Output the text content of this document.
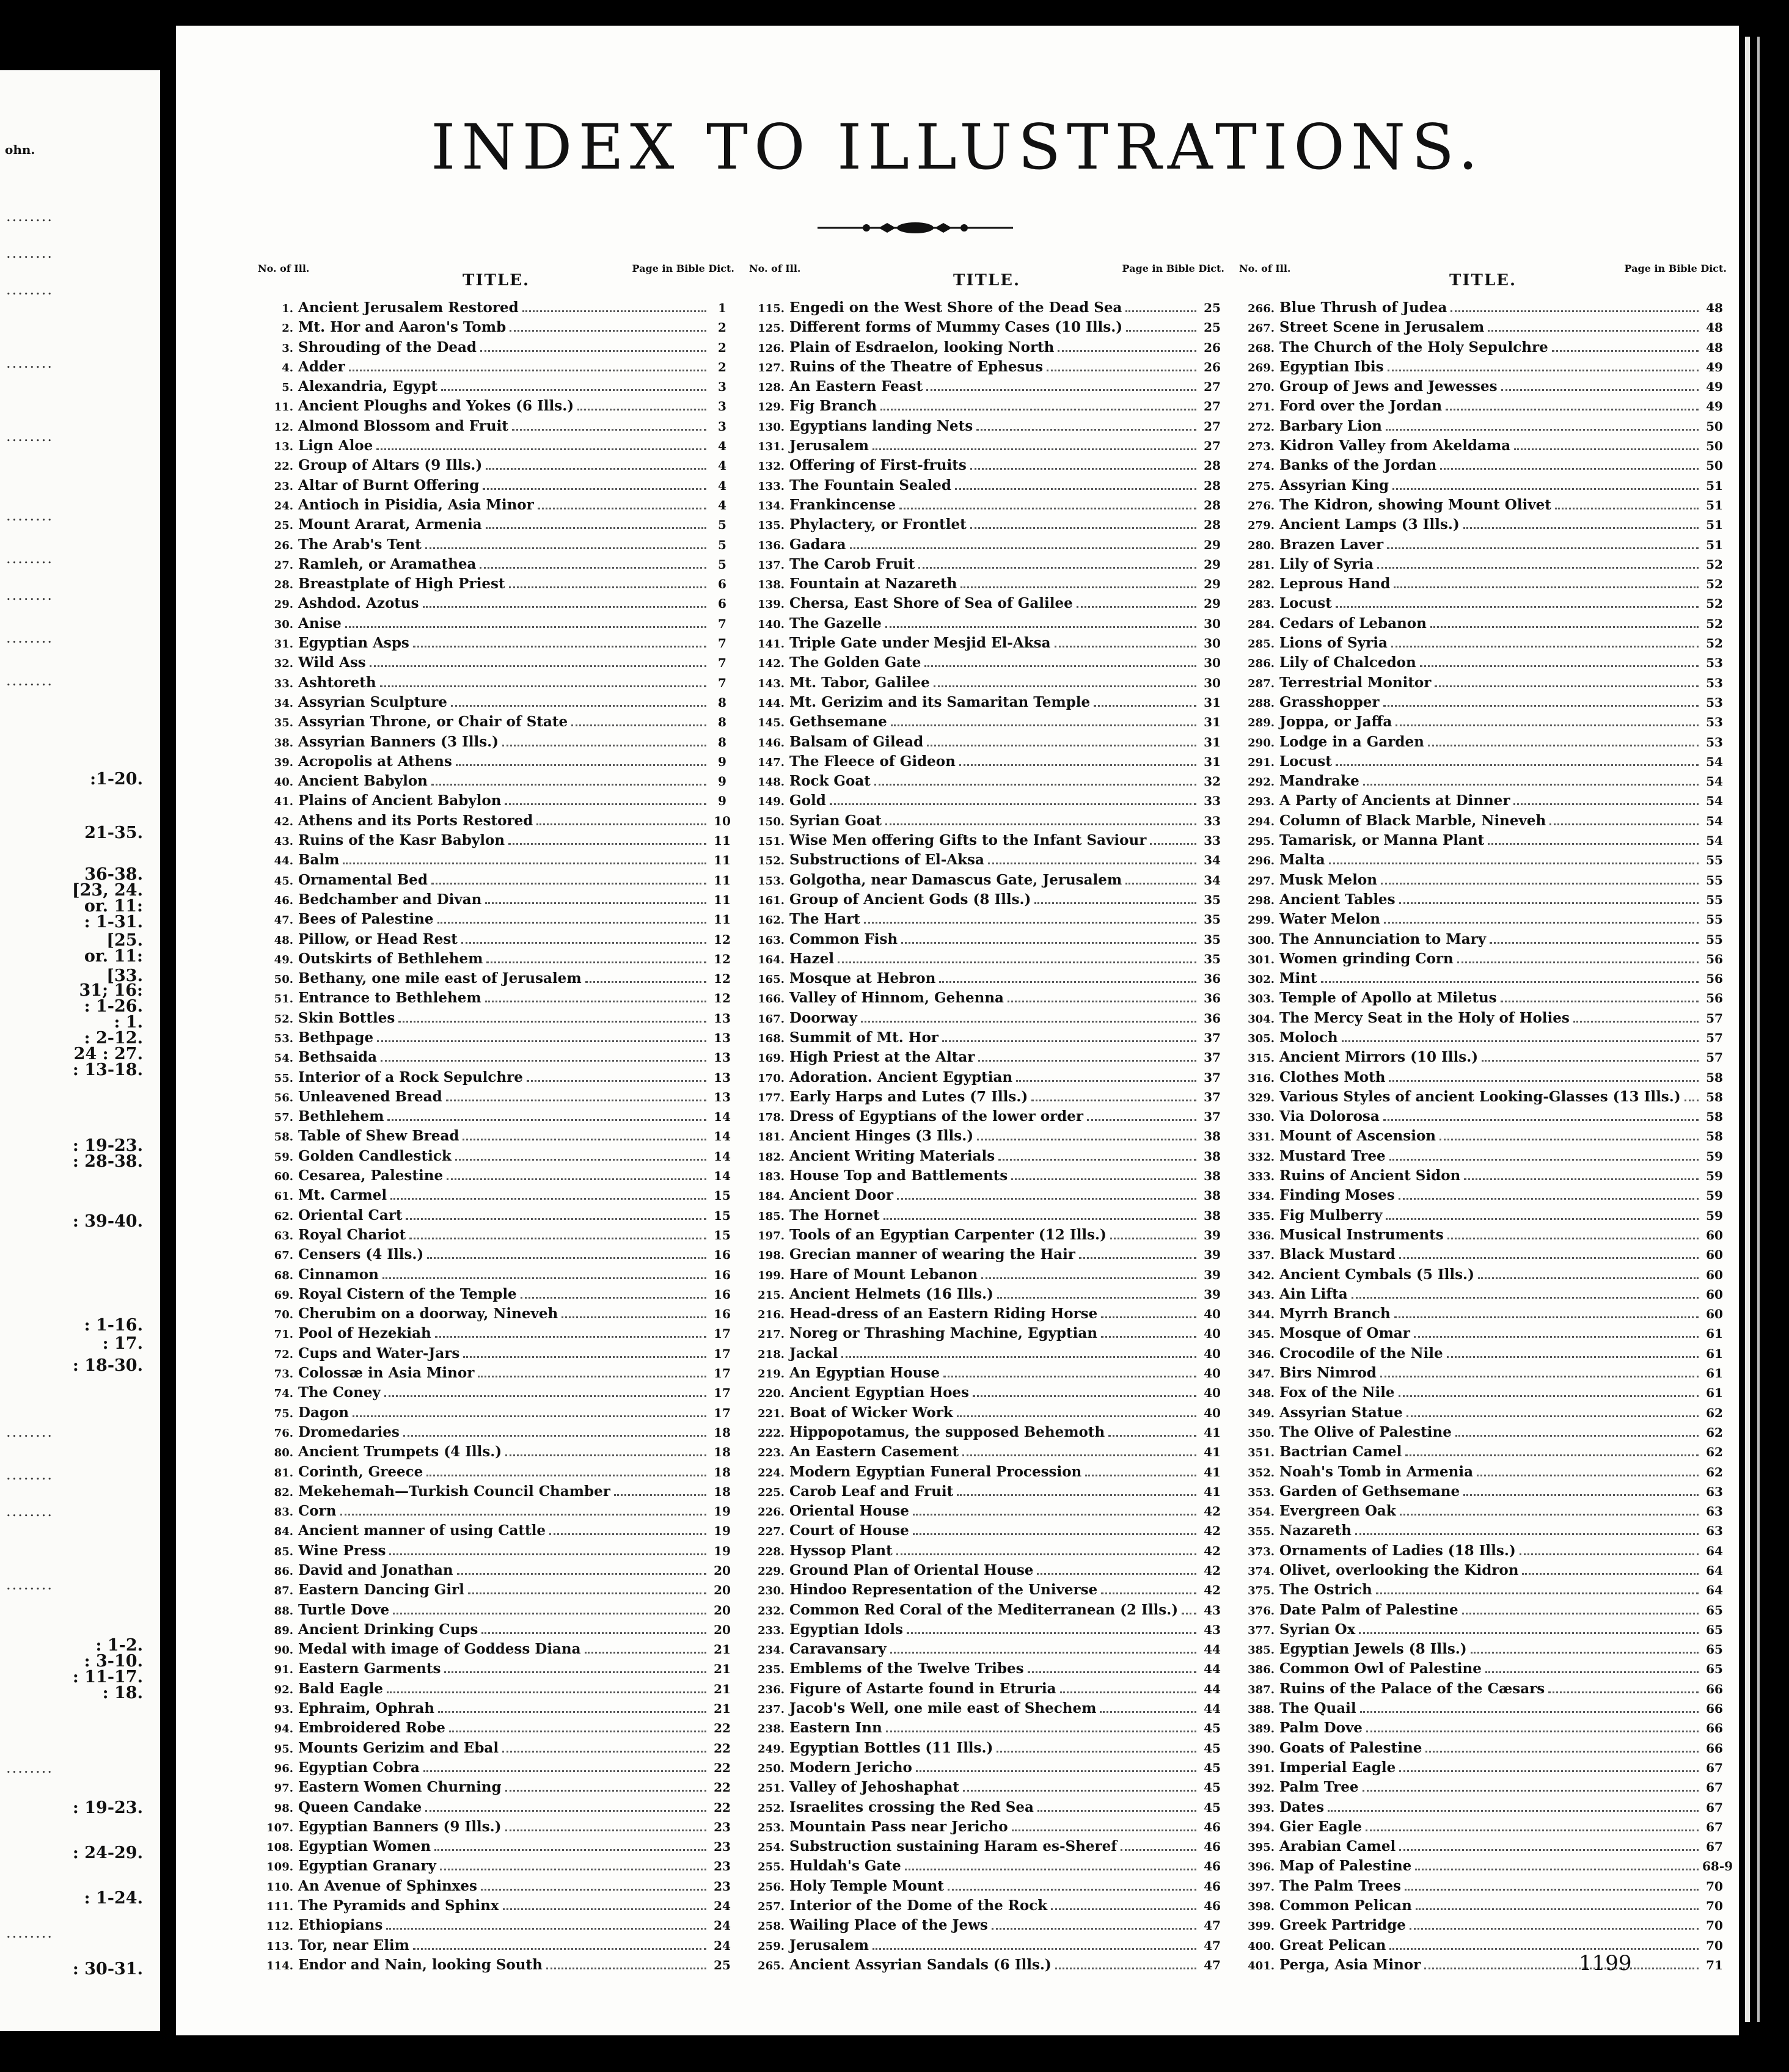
ohn.
:1-20.
21-35.
36-38.
[23, 24.
or. 11:
: 1-31.
[25.
or. 11:
[33.
31; 16:
: 1-26.
: 1.
: 2-12.
24 : 27.
: 13-18.
: 19-23.
: 28-38.
: 39-40.
: 1-16.
: 17.
: 18-30.
: 1-2.
: 3-10.
: 11-17.
: 18.
: 19-23.
: 24-29.
: 1-24.
: 30-31.
........
........
........
........
........
........
........
........
........
........
........
........
........
........
........
........
INDEX TO ILLUSTRATIONS.
No. of Ill.
TITLE.
Page in Bible Dict.
1. Ancient Jerusalem Restored	1
2. Mt. Hor and Aaron's Tomb	2
3. Shrouding of the Dead	2
4. Adder	2
5. Alexandria, Egypt	3
11. Ancient Ploughs and Yokes (6 Ills.)	3
12. Almond Blossom and Fruit	3
13. Lign Aloe	4
22. Group of Altars (9 Ills.)	4
23. Altar of Burnt Offering	4
24. Antioch in Pisidia, Asia Minor	4
25. Mount Ararat, Armenia	5
26. The Arab's Tent	5
27. Ramleh, or Aramathea	5
28. Breastplate of High Priest	6
29. Ashdod. Azotus	6
30. Anise	7
31. Egyptian Asps	7
32. Wild Ass	7
33. Ashtoreth	7
34. Assyrian Sculpture	8
35. Assyrian Throne, or Chair of State	8
38. Assyrian Banners (3 Ills.)	8
39. Acropolis at Athens	9
40. Ancient Babylon	9
41. Plains of Ancient Babylon	9
42. Athens and its Ports Restored	10
43. Ruins of the Kasr Babylon	11
44. Balm	11
45. Ornamental Bed	11
46. Bedchamber and Divan	11
47. Bees of Palestine	11
48. Pillow, or Head Rest	12
49. Outskirts of Bethlehem	12
50. Bethany, one mile east of Jerusalem	12
51. Entrance to Bethlehem	12
52. Skin Bottles	13
53. Bethpage	13
54. Bethsaida	13
55. Interior of a Rock Sepulchre	13
56. Unleavened Bread	13
57. Bethlehem	14
58. Table of Shew Bread	14
59. Golden Candlestick	14
60. Cesarea, Palestine	14
61. Mt. Carmel	15
62. Oriental Cart	15
63. Royal Chariot	15
67. Censers (4 Ills.)	16
68. Cinnamon	16
69. Royal Cistern of the Temple	16
70. Cherubim on a doorway, Nineveh	16
71. Pool of Hezekiah	17
72. Cups and Water-Jars	17
73. Colossæ in Asia Minor	17
74. The Coney	17
75. Dagon	17
76. Dromedaries	18
80. Ancient Trumpets (4 Ills.)	18
81. Corinth, Greece	18
82. Mekehemah—Turkish Council Chamber	18
83. Corn	19
84. Ancient manner of using Cattle	19
85. Wine Press	19
86. David and Jonathan	20
87. Eastern Dancing Girl	20
88. Turtle Dove	20
89. Ancient Drinking Cups	20
90. Medal with image of Goddess Diana	21
91. Eastern Garments	21
92. Bald Eagle	21
93. Ephraim, Ophrah	21
94. Embroidered Robe	22
95. Mounts Gerizim and Ebal	22
96. Egyptian Cobra	22
97. Eastern Women Churning	22
98. Queen Candake	22
107. Egyptian Banners (9 Ills.)	23
108. Egyptian Women	23
109. Egyptian Granary	23
110. An Avenue of Sphinxes	23
111. The Pyramids and Sphinx	24
112. Ethiopians	24
113. Tor, near Elim	24
114. Endor and Nain, looking South	25
No. of Ill.
TITLE.
Page in Bible Dict.
115. Engedi on the West Shore of the Dead Sea	25
125. Different forms of Mummy Cases (10 Ills.)	25
126. Plain of Esdraelon, looking North	26
127. Ruins of the Theatre of Ephesus	26
128. An Eastern Feast	27
129. Fig Branch	27
130. Egyptians landing Nets	27
131. Jerusalem	27
132. Offering of First-fruits	28
133. The Fountain Sealed	28
134. Frankincense	28
135. Phylactery, or Frontlet	28
136. Gadara	29
137. The Carob Fruit	29
138. Fountain at Nazareth	29
139. Chersa, East Shore of Sea of Galilee	29
140. The Gazelle	30
141. Triple Gate under Mesjid El-Aksa	30
142. The Golden Gate	30
143. Mt. Tabor, Galilee	30
144. Mt. Gerizim and its Samaritan Temple	31
145. Gethsemane	31
146. Balsam of Gilead	31
147. The Fleece of Gideon	31
148. Rock Goat	32
149. Gold	33
150. Syrian Goat	33
151. Wise Men offering Gifts to the Infant Saviour	33
152. Substructions of El-Aksa	34
153. Golgotha, near Damascus Gate, Jerusalem	34
161. Group of Ancient Gods (8 Ills.)	35
162. The Hart	35
163. Common Fish	35
164. Hazel	35
165. Mosque at Hebron	36
166. Valley of Hinnom, Gehenna	36
167. Doorway	36
168. Summit of Mt. Hor	37
169. High Priest at the Altar	37
170. Adoration. Ancient Egyptian	37
177. Early Harps and Lutes (7 Ills.)	37
178. Dress of Egyptians of the lower order	37
181. Ancient Hinges (3 Ills.)	38
182. Ancient Writing Materials	38
183. House Top and Battlements	38
184. Ancient Door	38
185. The Hornet	38
197. Tools of an Egyptian Carpenter (12 Ills.)	39
198. Grecian manner of wearing the Hair	39
199. Hare of Mount Lebanon	39
215. Ancient Helmets (16 Ills.)	39
216. Head-dress of an Eastern Riding Horse	40
217. Noreg or Thrashing Machine, Egyptian	40
218. Jackal	40
219. An Egyptian House	40
220. Ancient Egyptian Hoes	40
221. Boat of Wicker Work	40
222. Hippopotamus, the supposed Behemoth	41
223. An Eastern Casement	41
224. Modern Egyptian Funeral Procession	41
225. Carob Leaf and Fruit	41
226. Oriental House	42
227. Court of House	42
228. Hyssop Plant	42
229. Ground Plan of Oriental House	42
230. Hindoo Representation of the Universe	42
232. Common Red Coral of the Mediterranean (2 Ills.)	43
233. Egyptian Idols	43
234. Caravansary	44
235. Emblems of the Twelve Tribes	44
236. Figure of Astarte found in Etruria	44
237. Jacob's Well, one mile east of Shechem	44
238. Eastern Inn	45
249. Egyptian Bottles (11 Ills.)	45
250. Modern Jericho	45
251. Valley of Jehoshaphat	45
252. Israelites crossing the Red Sea	45
253. Mountain Pass near Jericho	46
254. Substruction sustaining Haram es-Sheref	46
255. Huldah's Gate	46
256. Holy Temple Mount	46
257. Interior of the Dome of the Rock	46
258. Wailing Place of the Jews	47
259. Jerusalem	47
265. Ancient Assyrian Sandals (6 Ills.)	47
No. of Ill.
TITLE.
Page in Bible Dict.
266. Blue Thrush of Judea	48
267. Street Scene in Jerusalem	48
268. The Church of the Holy Sepulchre	48
269. Egyptian Ibis	49
270. Group of Jews and Jewesses	49
271. Ford over the Jordan	49
272. Barbary Lion	50
273. Kidron Valley from Akeldama	50
274. Banks of the Jordan	50
275. Assyrian King	51
276. The Kidron, showing Mount Olivet	51
279. Ancient Lamps (3 Ills.)	51
280. Brazen Laver	51
281. Lily of Syria	52
282. Leprous Hand	52
283. Locust	52
284. Cedars of Lebanon	52
285. Lions of Syria	52
286. Lily of Chalcedon	53
287. Terrestrial Monitor	53
288. Grasshopper	53
289. Joppa, or Jaffa	53
290. Lodge in a Garden	53
291. Locust	54
292. Mandrake	54
293. A Party of Ancients at Dinner	54
294. Column of Black Marble, Nineveh	54
295. Tamarisk, or Manna Plant	54
296. Malta	55
297. Musk Melon	55
298. Ancient Tables	55
299. Water Melon	55
300. The Annunciation to Mary	55
301. Women grinding Corn	56
302. Mint	56
303. Temple of Apollo at Miletus	56
304. The Mercy Seat in the Holy of Holies	57
305. Moloch	57
315. Ancient Mirrors (10 Ills.)	57
316. Clothes Moth	58
329. Various Styles of ancient Looking-Glasses (13 Ills.)	58
330. Via Dolorosa	58
331. Mount of Ascension	58
332. Mustard Tree	59
333. Ruins of Ancient Sidon	59
334. Finding Moses	59
335. Fig Mulberry	59
336. Musical Instruments	60
337. Black Mustard	60
342. Ancient Cymbals (5 Ills.)	60
343. Ain Lifta	60
344. Myrrh Branch	60
345. Mosque of Omar	61
346. Crocodile of the Nile	61
347. Birs Nimrod	61
348. Fox of the Nile	61
349. Assyrian Statue	62
350. The Olive of Palestine	62
351. Bactrian Camel	62
352. Noah's Tomb in Armenia	62
353. Garden of Gethsemane	63
354. Evergreen Oak	63
355. Nazareth	63
373. Ornaments of Ladies (18 Ills.)	64
374. Olivet, overlooking the Kidron	64
375. The Ostrich	64
376. Date Palm of Palestine	65
377. Syrian Ox	65
385. Egyptian Jewels (8 Ills.)	65
386. Common Owl of Palestine	65
387. Ruins of the Palace of the Cæsars	66
388. The Quail	66
389. Palm Dove	66
390. Goats of Palestine	66
391. Imperial Eagle	67
392. Palm Tree	67
393. Dates	67
394. Gier Eagle	67
395. Arabian Camel	67
396. Map of Palestine	68-9
397. The Palm Trees	70
398. Common Pelican	70
399. Greek Partridge	70
400. Great Pelican	70
401. Perga, Asia Minor	71
1199
